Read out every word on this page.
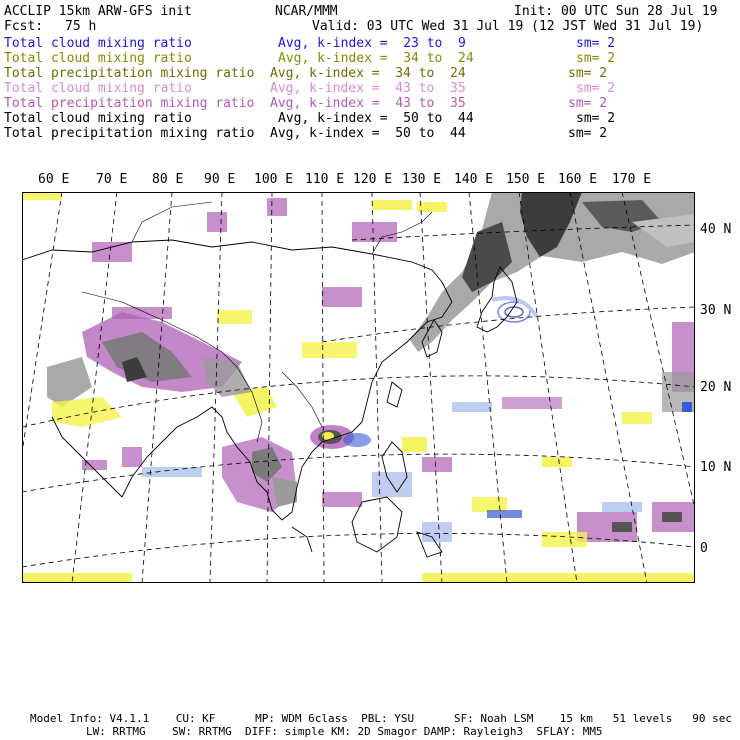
ACCLIP 15km ARW-GFS init	NCAR/MMM	Init: 00 UTC Sun 28 Jul 19
Fcst: 75 h	Valid: 03 UTC Wed 31 Jul 19 (12 JST Wed 31 Jul 19)
Total cloud mixing ratio	Avg, k-index =  23 to  9	sm= 2
Total cloud mixing ratio	Avg, k-index =  34 to  24	sm= 2
Total precipitation mixing ratio Avg, k-index =  34 to  24	sm= 2
Total cloud mixing ratio	Avg, k-index =  43 to  35	sm= 2
Total precipitation mixing ratio Avg, k-index =  43 to  35	sm= 2
Total cloud mixing ratio	Avg, k-index =  50 to  44	sm= 2
Total precipitation mixing ratio Avg, k-index =  50 to  44	sm= 2
60 E 70 E 80 E 90 E 100 E 110 E 120 E 130 E 140 E 150 E 160 E 170 E
40 N
30 N
20 N
10 N
0
Model Info: V4.1.1    CU: KF      MP: WDM 6class  PBL: YSU      SF: Noah LSM    15 km   51 levels   90 sec
LW: RRTMG    SW: RRTMG  DIFF: simple KM: 2D Smagor DAMP: Rayleigh3  SFLAY: MM5
